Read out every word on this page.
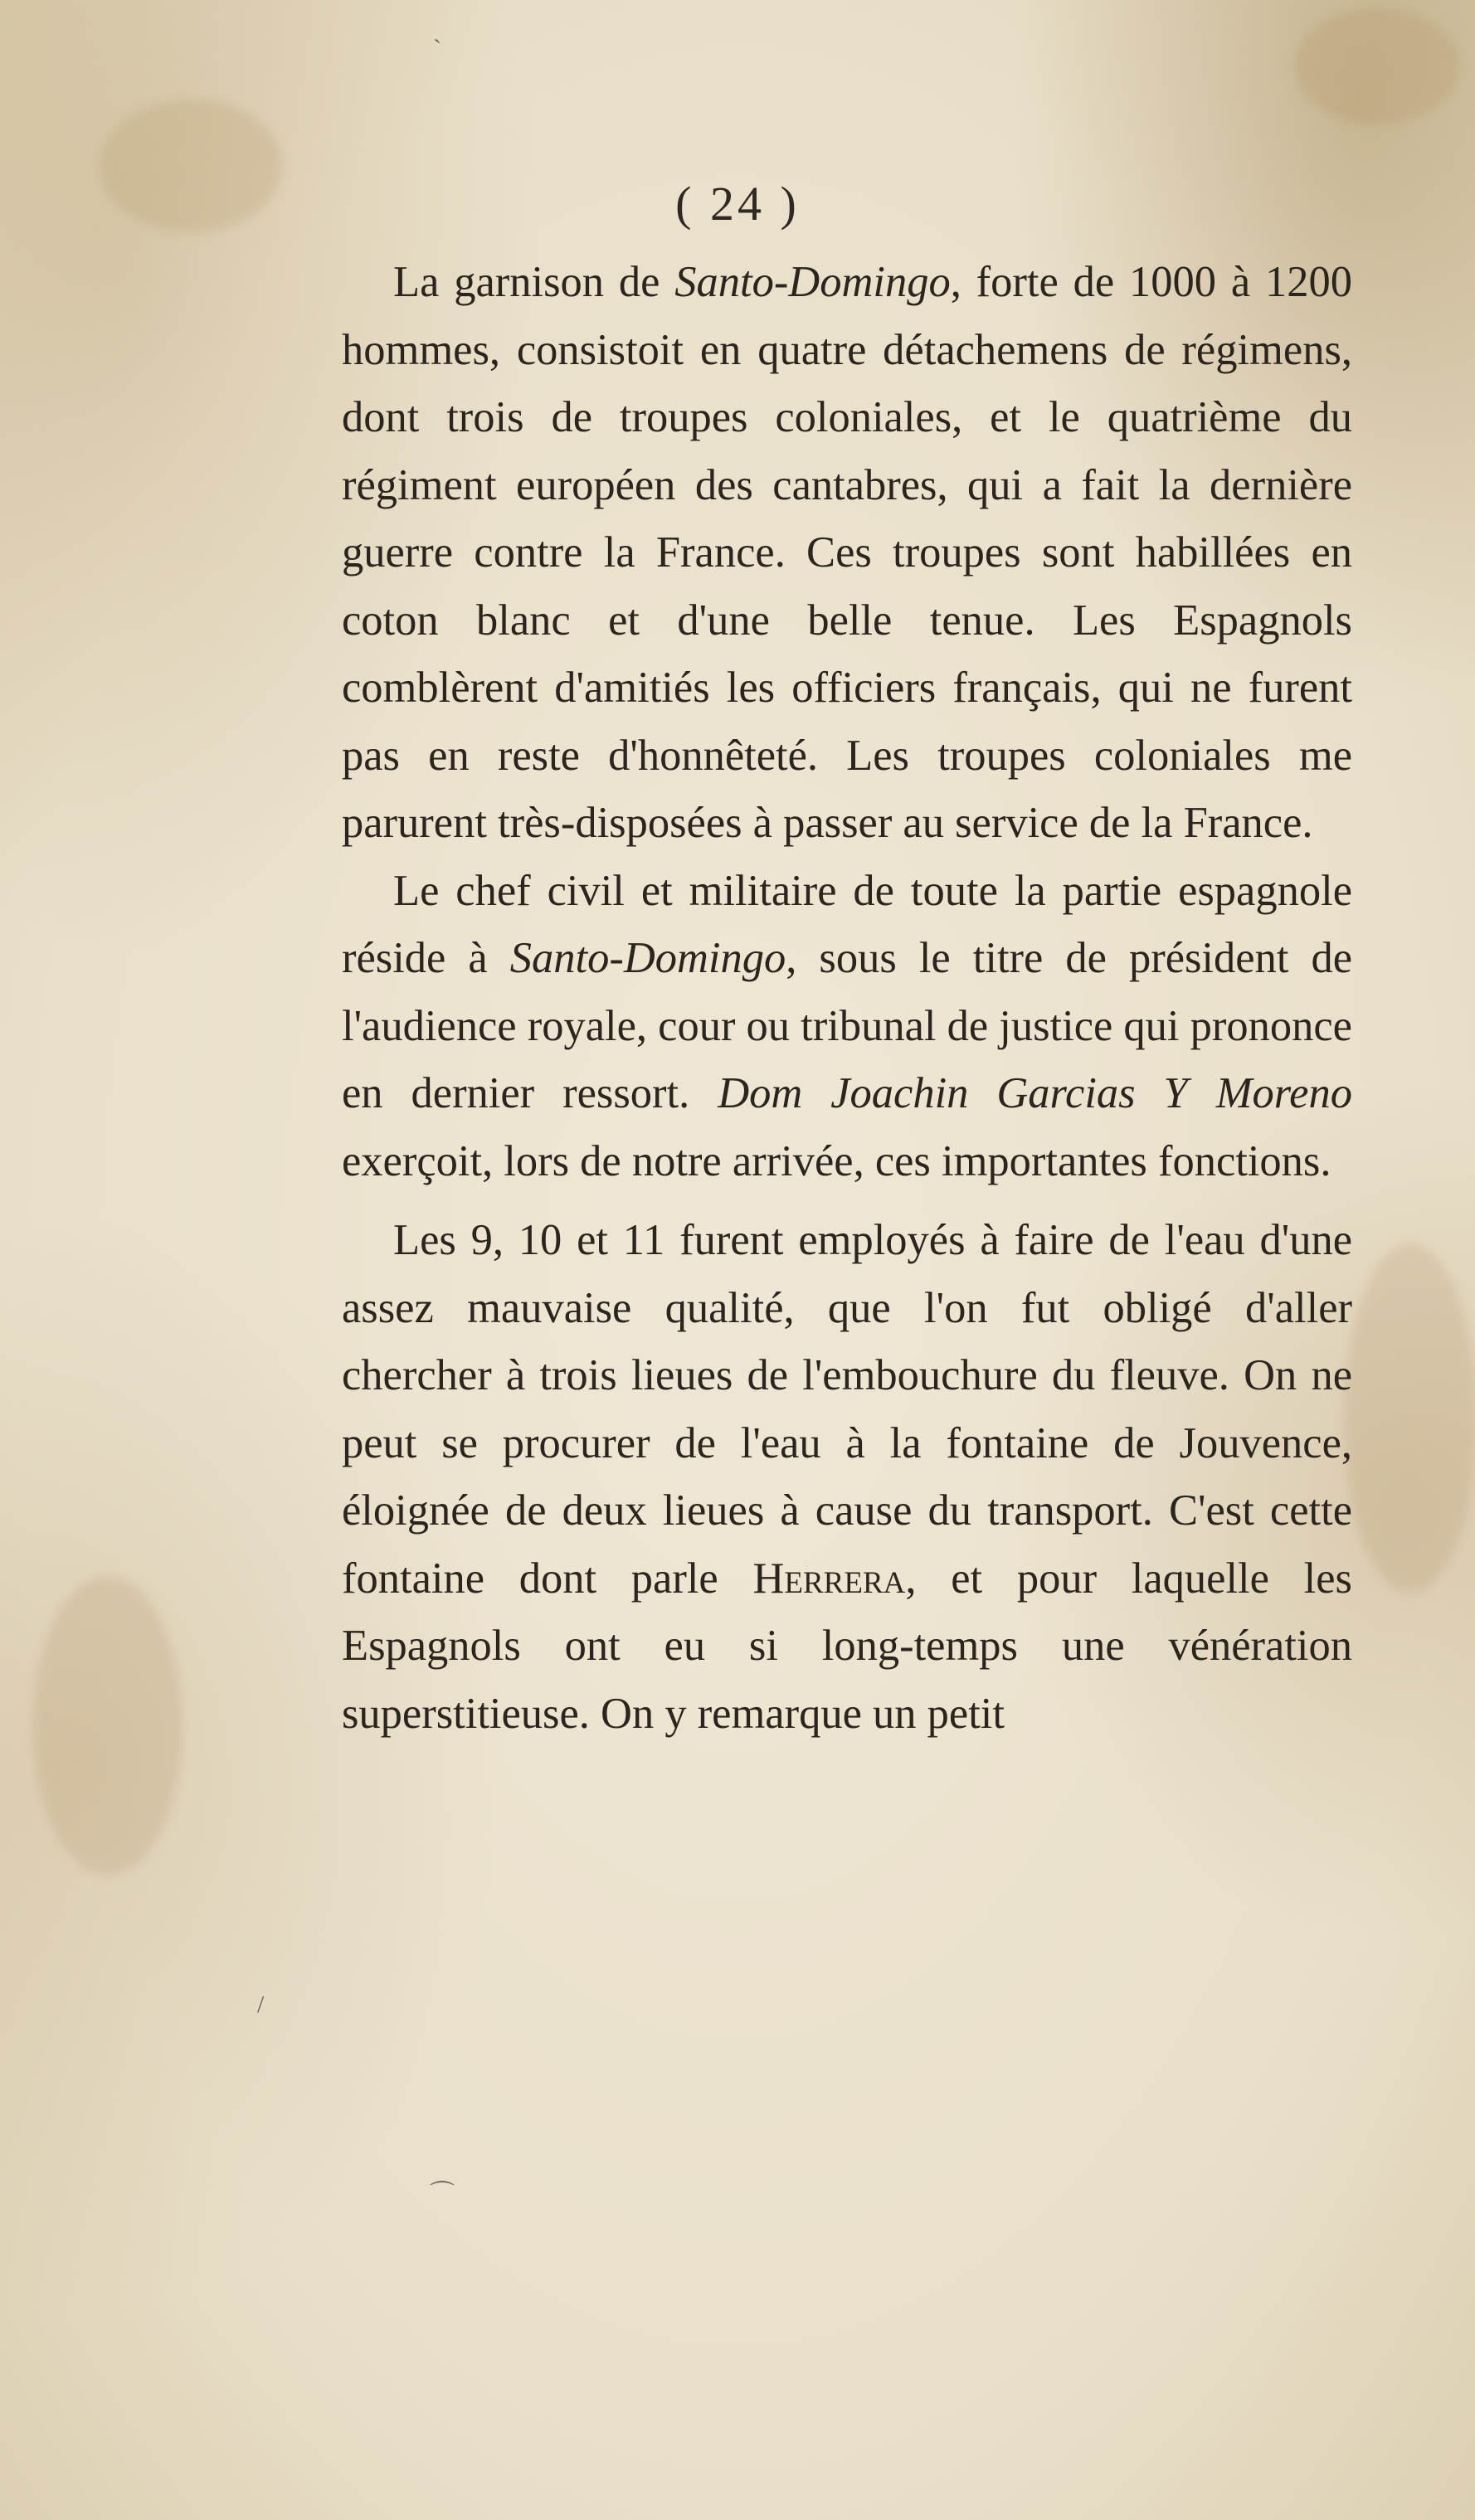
ˋ
/
⌒
( 24 )

La garnison de Santo-Domingo, forte de 1000 à 1200 hommes, consistoit en quatre détachemens de régimens, dont trois de troupes coloniales, et le quatrième du régiment européen des cantabres, qui a fait la dernière guerre contre la France. Ces troupes sont habillées en coton blanc et d'une belle tenue. Les Espagnols comblèrent d'amitiés les officiers français, qui ne furent pas en reste d'honnêteté. Les troupes coloniales me parurent très-disposées à passer au service de la France.

Le chef civil et militaire de toute la partie espagnole réside à Santo-Domingo, sous le titre de président de l'audience royale, cour ou tribunal de justice qui prononce en dernier ressort. Dom Joachin Garcias Y Moreno exerçoit, lors de notre arrivée, ces importantes fonctions.

Les 9, 10 et 11 furent employés à faire de l'eau d'une assez mauvaise qualité, que l'on fut obligé d'aller chercher à trois lieues de l'embouchure du fleuve. On ne peut se procurer de l'eau à la fontaine de Jouvence, éloignée de deux lieues à cause du transport. C'est cette fontaine dont parle Herrera, et pour laquelle les Espagnols ont eu si long-temps une vénération superstitieuse. On y remarque un petit
